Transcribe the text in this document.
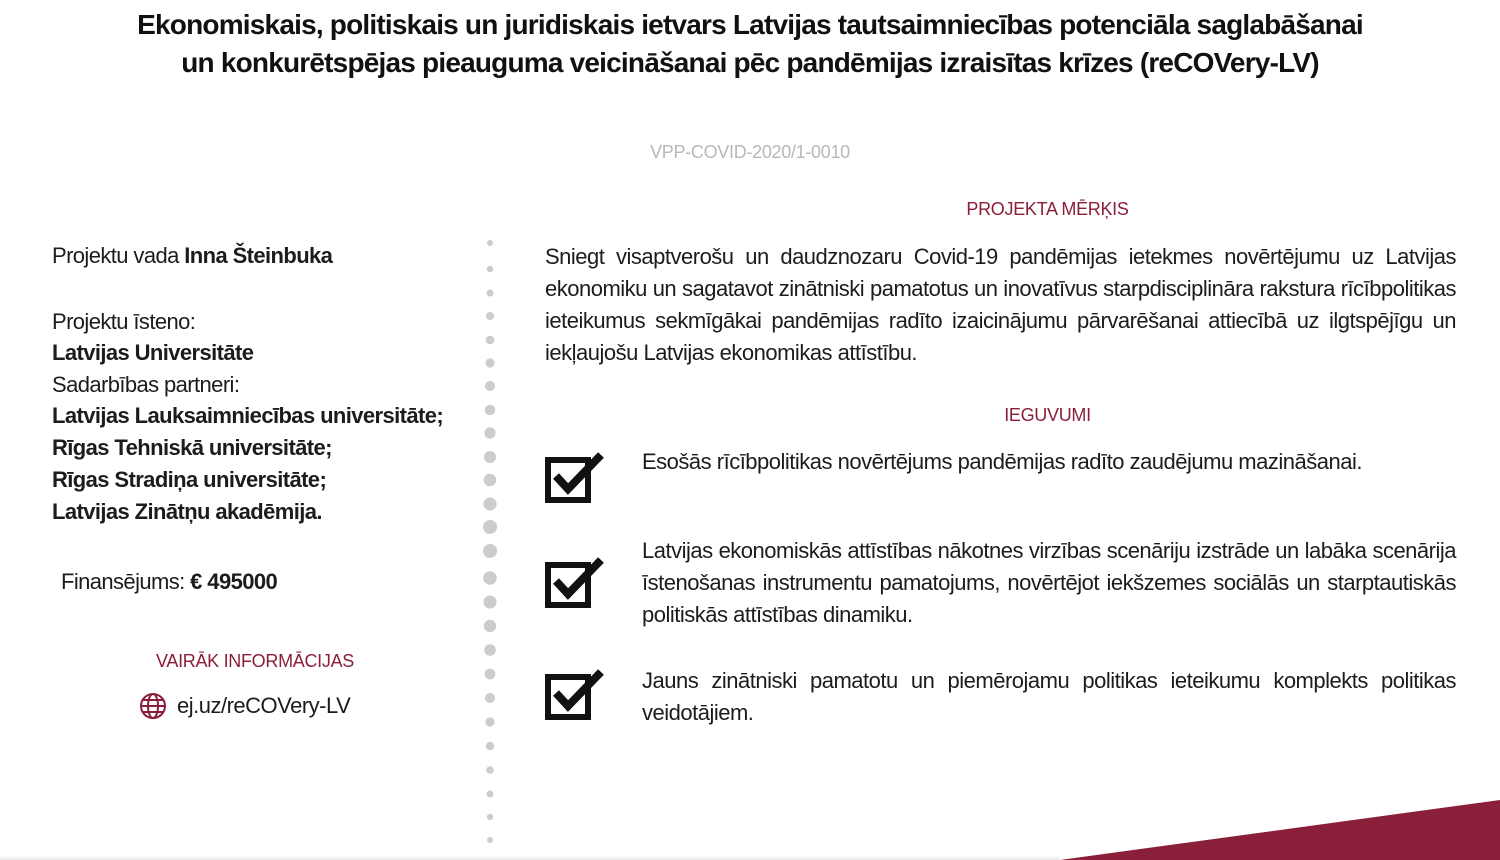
Ekonomiskais, politiskais un juridiskais ietvars Latvijas tautsaimniecības potenciāla saglabāšanai un konkurētspējas pieauguma veicināšanai pēc pandēmijas izraisītas krīzes (reCOVery-LV)
VPP-COVID-2020/1-0010
Projektu vada Inna Šteinbuka
Projektu īsteno:
Latvijas Universitāte
Sadarbības partneri:
Latvijas Lauksaimniecības universitāte;
Rīgas Tehniskā universitāte;
Rīgas Stradiņa universitāte;
Latvijas Zinātņu akadēmija.
Finansējums: € 495000
VAIRĀK INFORMĀCIJAS
ej.uz/reCOVery-LV
PROJEKTA MĒRĶIS
Sniegt visaptverošu un daudznozaru Covid-19 pandēmijas ietekmes novērtējumu uz Latvijas ekonomiku un sagatavot zinātniski pamatotus un inovatīvus starpdisciplināra rakstura rīcībpolitikas ieteikumus sekmīgākai pandēmijas radīto izaicinājumu pārvarēšanai attiecībā uz ilgtspējīgu un iekļaujošu Latvijas ekonomikas attīstību.
IEGUVUMI
Esošās rīcībpolitikas novērtējums pandēmijas radīto zaudējumu mazināšanai.
Latvijas ekonomiskās attīstības nākotnes virzības scenāriju izstrāde un labāka scenārija īstenošanas instrumentu pamatojums, novērtējot iekšzemes sociālās un starptautiskās politiskās attīstības dinamiku.
Jauns zinātniski pamatotu un piemērojamu politikas ieteikumu komplekts politikas veidotājiem.
